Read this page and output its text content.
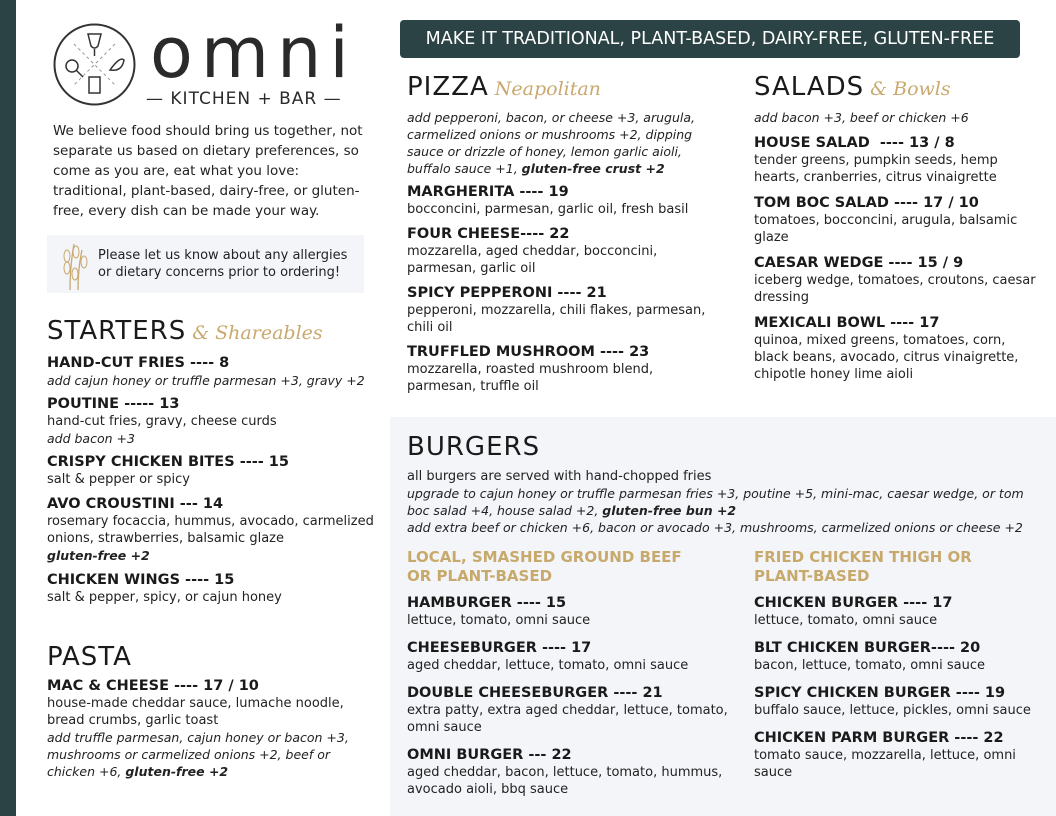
omni
— KITCHEN + BAR —
We believe food should bring us together, not separate us based on dietary preferences, so come as you are, eat what you love: traditional, plant-based, dairy-free, or gluten-free, every dish can be made your way.
Please let us know about any allergies or dietary concerns prior to ordering!
MAKE IT TRADITIONAL, PLANT-BASED, DAIRY-FREE, GLUTEN-FREE
STARTERS & Shareables
HAND-CUT FRIES ---- 8
add cajun honey or truffle parmesan +3, gravy +2
POUTINE ----- 13
hand-cut fries, gravy, cheese curds
add bacon +3
CRISPY CHICKEN BITES ---- 15
salt & pepper or spicy
AVO CROUSTINI --- 14
rosemary focaccia, hummus, avocado, carmelized onions, strawberries, balsamic glaze
gluten-free +2
CHICKEN WINGS ---- 15
salt & pepper, spicy, or cajun honey
PASTA
MAC & CHEESE ---- 17 / 10
house-made cheddar sauce, lumache noodle, bread crumbs, garlic toast
add truffle parmesan, cajun honey or bacon +3, mushrooms or carmelized onions +2, beef or chicken +6, gluten-free +2
PIZZA Neapolitan
add pepperoni, bacon, or cheese +3, arugula, carmelized onions or mushrooms +2, dipping sauce or drizzle of honey, lemon garlic aioli, buffalo sauce +1, gluten-free crust +2
MARGHERITA ---- 19
bocconcini, parmesan, garlic oil, fresh basil
FOUR CHEESE---- 22
mozzarella, aged cheddar, bocconcini, parmesan, garlic oil
SPICY PEPPERONI ---- 21
pepperoni, mozzarella, chili flakes, parmesan, chili oil
TRUFFLED MUSHROOM ---- 23
mozzarella, roasted mushroom blend, parmesan, truffle oil
SALADS & Bowls
add bacon +3, beef or chicken +6
HOUSE SALAD  ---- 13 / 8
tender greens, pumpkin seeds, hemp hearts, cranberries, citrus vinaigrette
TOM BOC SALAD ---- 17 / 10
tomatoes, bocconcini, arugula, balsamic glaze
CAESAR WEDGE ---- 15 / 9
iceberg wedge, tomatoes, croutons, caesar dressing
MEXICALI BOWL ---- 17
quinoa, mixed greens, tomatoes, corn, black beans, avocado, citrus vinaigrette, chipotle honey lime aioli
BURGERS
all burgers are served with hand-chopped fries
upgrade to cajun honey or truffle parmesan fries +3, poutine +5, mini-mac, caesar wedge, or tom boc salad +4, house salad +2, gluten-free bun +2
add extra beef or chicken +6, bacon or avocado +3, mushrooms, carmelized onions or cheese +2
LOCAL, SMASHED GROUND BEEF OR PLANT-BASED
HAMBURGER ---- 15
lettuce, tomato, omni sauce
CHEESEBURGER ---- 17
aged cheddar, lettuce, tomato, omni sauce
DOUBLE CHEESEBURGER ---- 21
extra patty, extra aged cheddar, lettuce, tomato, omni sauce
OMNI BURGER --- 22
aged cheddar, bacon, lettuce, tomato, hummus, avocado aioli, bbq sauce
FRIED CHICKEN THIGH OR PLANT-BASED
CHICKEN BURGER ---- 17
lettuce, tomato, omni sauce
BLT CHICKEN BURGER---- 20
bacon, lettuce, tomato, omni sauce
SPICY CHICKEN BURGER ---- 19
buffalo sauce, lettuce, pickles, omni sauce
CHICKEN PARM BURGER ---- 22
tomato sauce, mozzarella, lettuce, omni sauce
